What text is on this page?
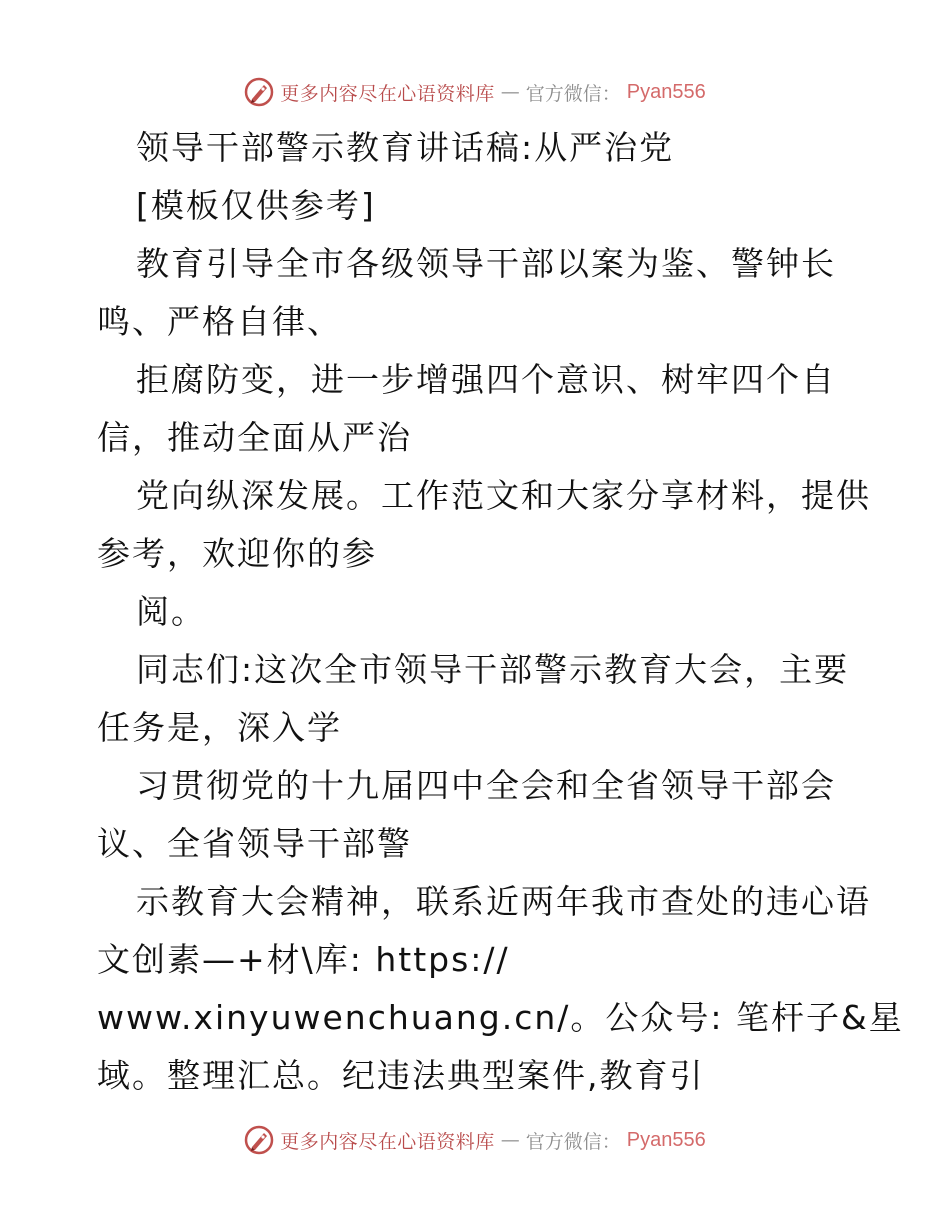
更多内容尽在心语资料库 — 官方微信： Pyan556
领导干部警示教育讲话稿:从严治党
[模板仅供参考]
教育引导全市各级领导干部以案为鉴、警钟长
鸣、严格自律、
拒腐防变，进一步增强四个意识、树牢四个自
信，推动全面从严治
党向纵深发展。工作范文和大家分享材料，提供
参考，欢迎你的参
阅。
同志们:这次全市领导干部警示教育大会，主要
任务是，深入学
习贯彻党的十九届四中全会和全省领导干部会
议、全省领导干部警
示教育大会精神，联系近两年我市查处的违心语
文创素—+材\库: https://
www.xinyuwenchuang.cn/。公众号: 笔杆子&星
域。整理汇总。纪违法典型案件,教育引
更多内容尽在心语资料库 — 官方微信： Pyan556
